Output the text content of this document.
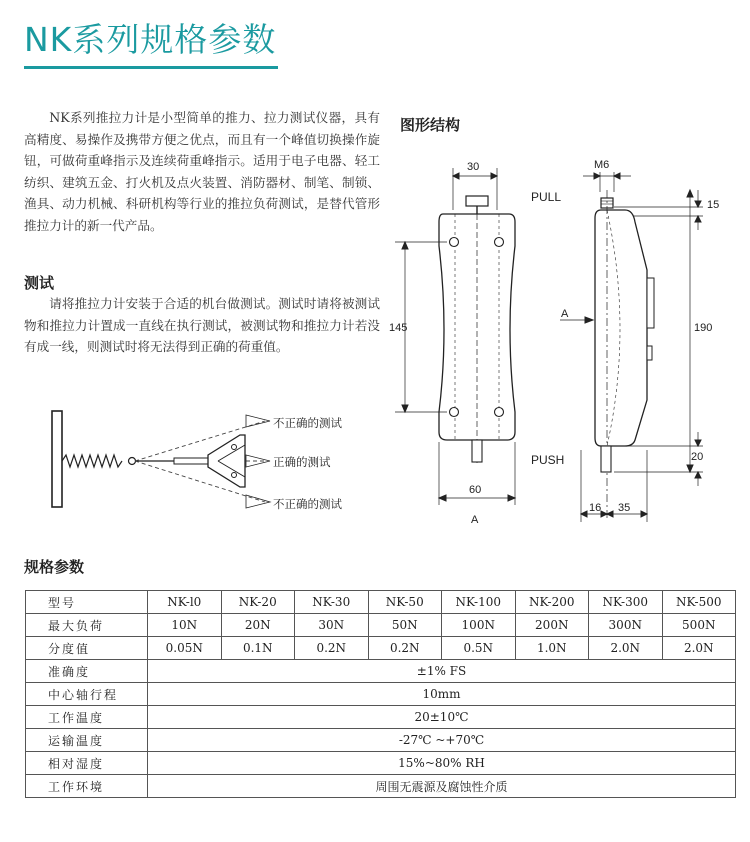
NK系列规格参数

NK系列推拉力计是小型简单的推力、拉力测试仪器，具有高精度、易操作及携带方便之优点，而且有一个峰值切换操作旋钮，可做荷重峰指示及连续荷重峰指示。适用于电子电器、轻工纺织、建筑五金、打火机及点火装置、消防器材、制笔、制锁、渔具、动力机械、科研机构等行业的推拉负荷测试，是替代管形推拉力计的新一代产品。

测试

请将推拉力计安装于合适的机台做测试。测试时请将被测试物和推拉力计置成一直线在执行测试，被测试物和推拉力计若没有成一线，则测试时将无法得到正确的荷重值。

不正确的测试
正确的测试
不正确的测试
图形结构
30
145
60
A
M6
PULL
15
A
190
PUSH	20
16 35
规格参数
型号	NK-l0	NK-20	NK-30	NK-50	NK-100	NK-200	NK-300	NK-500
最大负荷	10N	20N	30N	50N	100N	200N	300N	500N
分度值	0.05N	0.1N	0.2N	0.2N	0.5N	1.0N	2.0N	2.0N
准确度	±1% FS							
中心轴行程	10mm							
工作温度	20±10℃							
运输温度	-27℃ ~+70℃							
相对湿度	15%~80% RH							
工作环境	周围无震源及腐蚀性介质							
